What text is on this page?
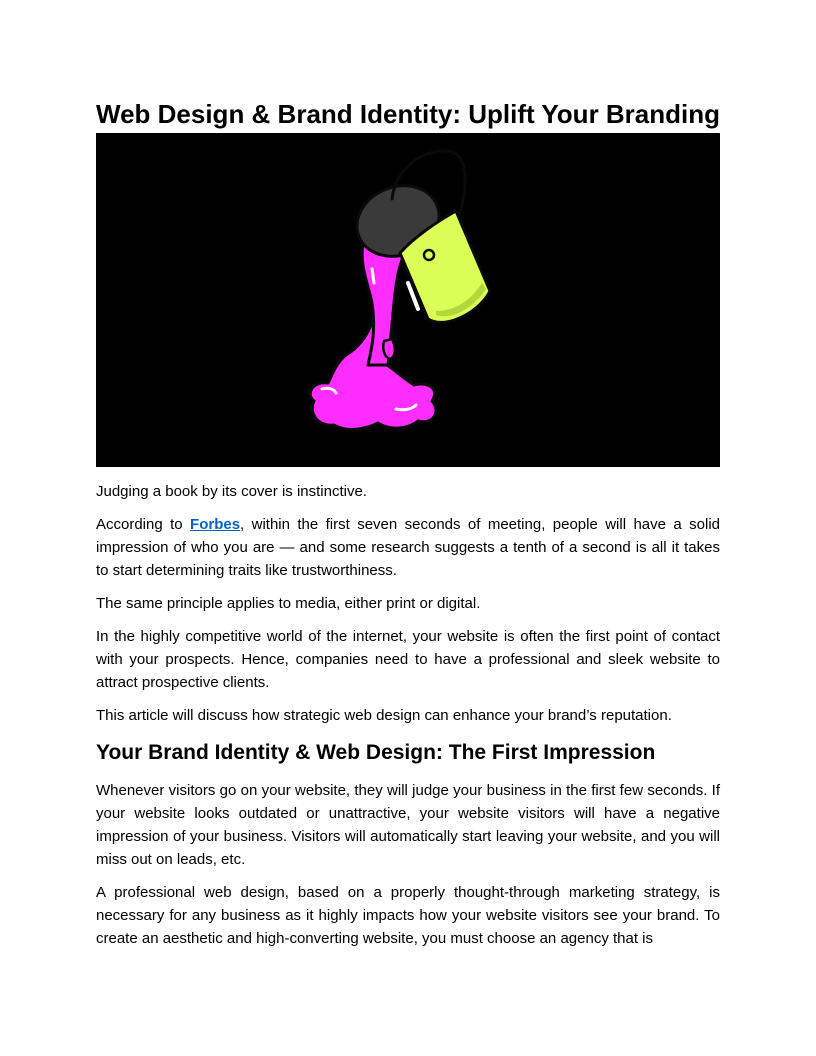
Web Design & Brand Identity: Uplift Your Branding

Judging a book by its cover is instinctive.

According to Forbes, within the first seven seconds of meeting, people will have a solid impression of who you are — and some research suggests a tenth of a second is all it takes to start determining traits like trustworthiness.

The same principle applies to media, either print or digital.

In the highly competitive world of the internet, your website is often the first point of contact with your prospects. Hence, companies need to have a professional and sleek website to attract prospective clients.

This article will discuss how strategic web design can enhance your brand’s reputation.

Your Brand Identity & Web Design: The First Impression

Whenever visitors go on your website, they will judge your business in the first few seconds. If your website looks outdated or unattractive, your website visitors will have a negative impression of your business. Visitors will automatically start leaving your website, and you will miss out on leads, etc.

A professional web design, based on a properly thought-through marketing strategy, is necessary for any business as it highly impacts how your website visitors see your brand. To create an aesthetic and high-converting website, you must choose an agency that is
